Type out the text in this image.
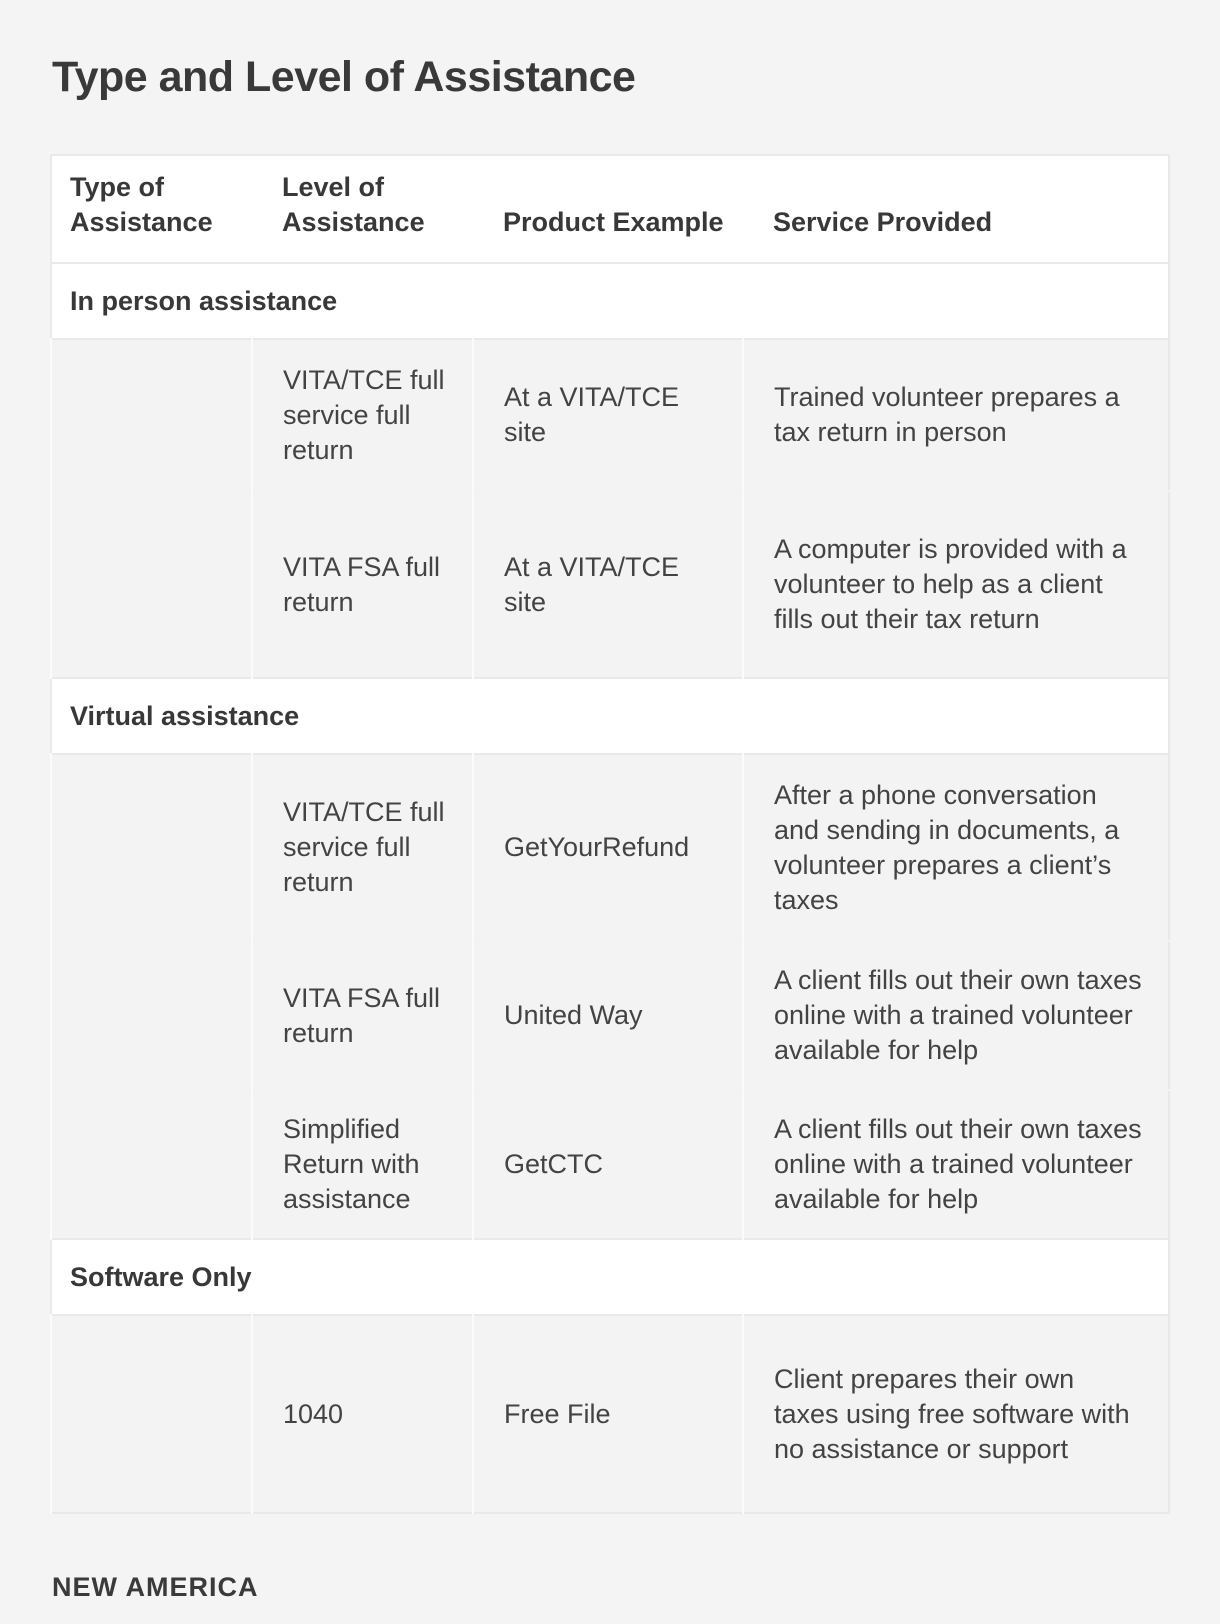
Type and Level of Assistance
Type of Assistance	Level of Assistance	Product Example	Service Provided
In person assistance			
	VITA/TCE full service full return	At a VITA/TCE site	Trained volunteer prepares a tax return in person
	VITA FSA full return	At a VITA/TCE site	A computer is provided with a volunteer to help as a client fills out their tax return
Virtual assistance			
	VITA/TCE full service full return	GetYourRefund	After a phone conversation and sending in documents, a volunteer prepares a client’s taxes
	VITA FSA full return	United Way	A client fills out their own taxes online with a trained volunteer available for help
	Simplified Return with assistance	GetCTC	A client fills out their own taxes online with a trained volunteer available for help
Software Only			
	1040	Free File	Client prepares their own taxes using free software with no assistance or support
NEW AMERICA
